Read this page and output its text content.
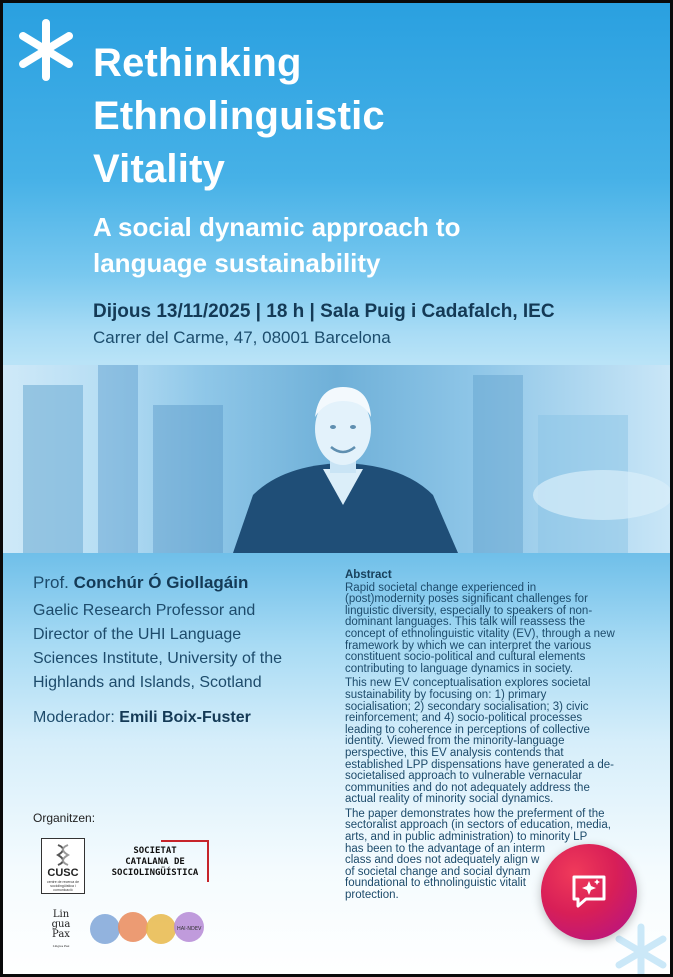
Rethinking
Ethnolinguistic
Vitality
A social dynamic approach to
language sustainability

Dijous 13/11/2025 | 18 h | Sala Puig i Cadafalch, IEC

Carrer del Carme, 47, 08001 Barcelona

Prof. Conchúr Ó Giollagáin

Gaelic Research Professor and
Director of the UHI Language
Sciences Institute, University of the
Highlands and Islands, Scotland

Moderador: Emili Boix-Fuster

Organitzen:

CUSC
centre de recerca de sociolingüística i comunicació
SOCIETAT
CATALANA DE
SOCIOLINGÜÍSTICA
Lin
gua
Pax
Lingua Pax
HAI·NDEV
Abstract

Rapid societal change experienced in
(post)modernity poses significant challenges for
linguistic diversity, especially to speakers of non-
dominant languages. This talk will reassess the
concept of ethnolinguistic vitality (EV), through a new
framework by which we can interpret the various
constituent socio-political and cultural elements
contributing to language dynamics in society.

This new EV conceptualisation explores societal
sustainability by focusing on: 1) primary
socialisation; 2) secondary socialisation; 3) civic
reinforcement; and 4) socio-political processes
leading to coherence in perceptions of collective
identity. Viewed from the minority-language
perspective, this EV analysis contends that
established LPP dispensations have generated a de-
societalised approach to vulnerable vernacular
communities and do not adequately address the
actual reality of minority social dynamics.

The paper demonstrates how the preferment of the
sectoralist approach (in sectors of education, media,
arts, and in public administration) to minority LP
has been to the advantage of an interm
class and does not adequately align w
of societal change and social dynam
foundational to ethnolinguistic vitalit
protection.
